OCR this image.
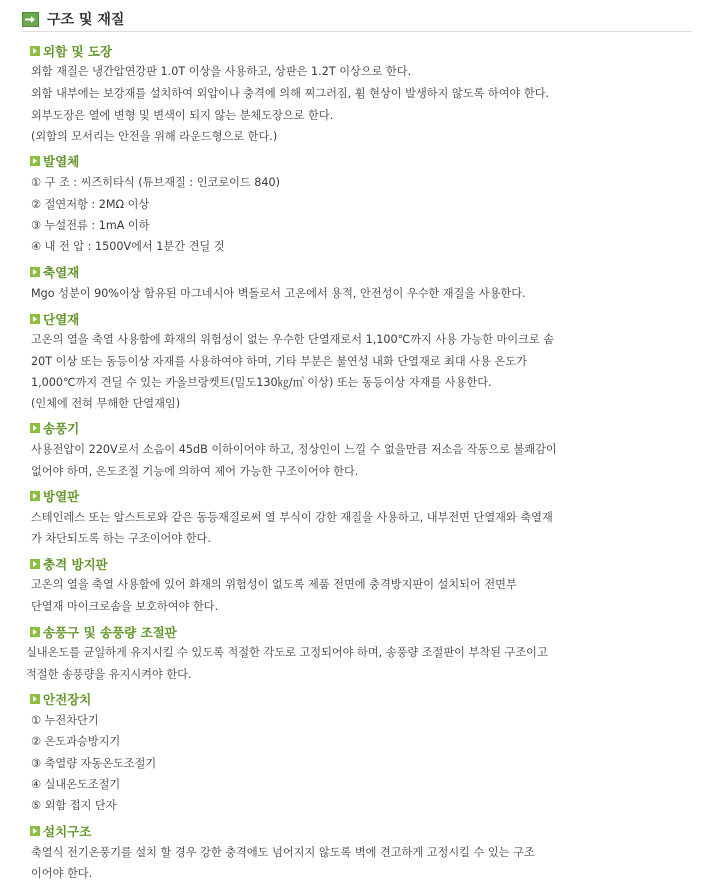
구조 및 재질
외함 및 도장
외함 재질은 냉간압연강판 1.0T 이상을 사용하고, 상판은 1.2T 이상으로 한다.
외함 내부에는 보강재를 설치하여 외압이나 충격에 의해 찌그러짐, 휨 현상이 발생하지 않도록 하여야 한다.
외부도장은 열에 변형 및 변색이 되지 않는 분체도장으로 한다.
(외함의 모서리는 안전을 위해 라운드형으로 한다.)
발열체
① 구 조 : 씨즈히타식 (튜브재질 : 인코로이드 840)
② 절연저항 : 2MΩ 이상
③ 누설전류 : 1mA 이하
④ 내 전 압 : 1500V에서 1분간 견딜 것
축열재
Mgo 성분이 90%이상 함유된 마그네시아 벽돌로서 고온에서 용적, 안전성이 우수한 재질을 사용한다.
단열재
고온의 열을 축열 사용함에 화재의 위험성이 없는 우수한 단열재로서 1,100℃까지 사용 가능한 마이크로 솜
20T 이상 또는 동등이상 자재를 사용하여야 하며, 기타 부분은 불연성 내화 단열재로 최대 사용 온도가
1,000℃까지 견딜 수 있는 카올브랑켓트(밀도130㎏/㎥ 이상) 또는 동등이상 자재를 사용한다.
(인체에 전혀 무해한 단열재임)
송풍기
사용전압이 220V로서 소음이 45dB 이하이어야 하고, 정상인이 느낄 수 없을만큼 저소음 작동으로 불쾌감이
없어야 하며, 온도조절 기능에 의하여 제어 가능한 구조이어야 한다.
방열판
스테인레스 또는 알스트로와 같은 동등재질로써 열 부식이 강한 재질을 사용하고, 내부전면 단열재와 축열재
가 차단되도록 하는 구조이어야 한다.
충격 방지판
고온의 열을 축열 사용함에 있어 화재의 위험성이 없도록 제품 전면에 충격방지판이 설치되어 전면부
단열재 마이크로솜을 보호하여야 한다.
송풍구 및 송풍량 조절판
실내온도를 균일하게 유지시킬 수 있도록 적절한 각도로 고정되어야 하며, 송풍량 조절판이 부착된 구조이고
적절한 송풍량을 유지시켜야 한다.
안전장치
① 누전차단기
② 온도과승방지기
③ 축열량 자동온도조절기
④ 실내온도조절기
⑤ 외함 접지 단자
설치구조
축열식 전기온풍기를 설치 할 경우 강한 충격에도 넘어지지 않도록 벽에 견고하게 고정시킬 수 있는 구조
이어야 한다.
